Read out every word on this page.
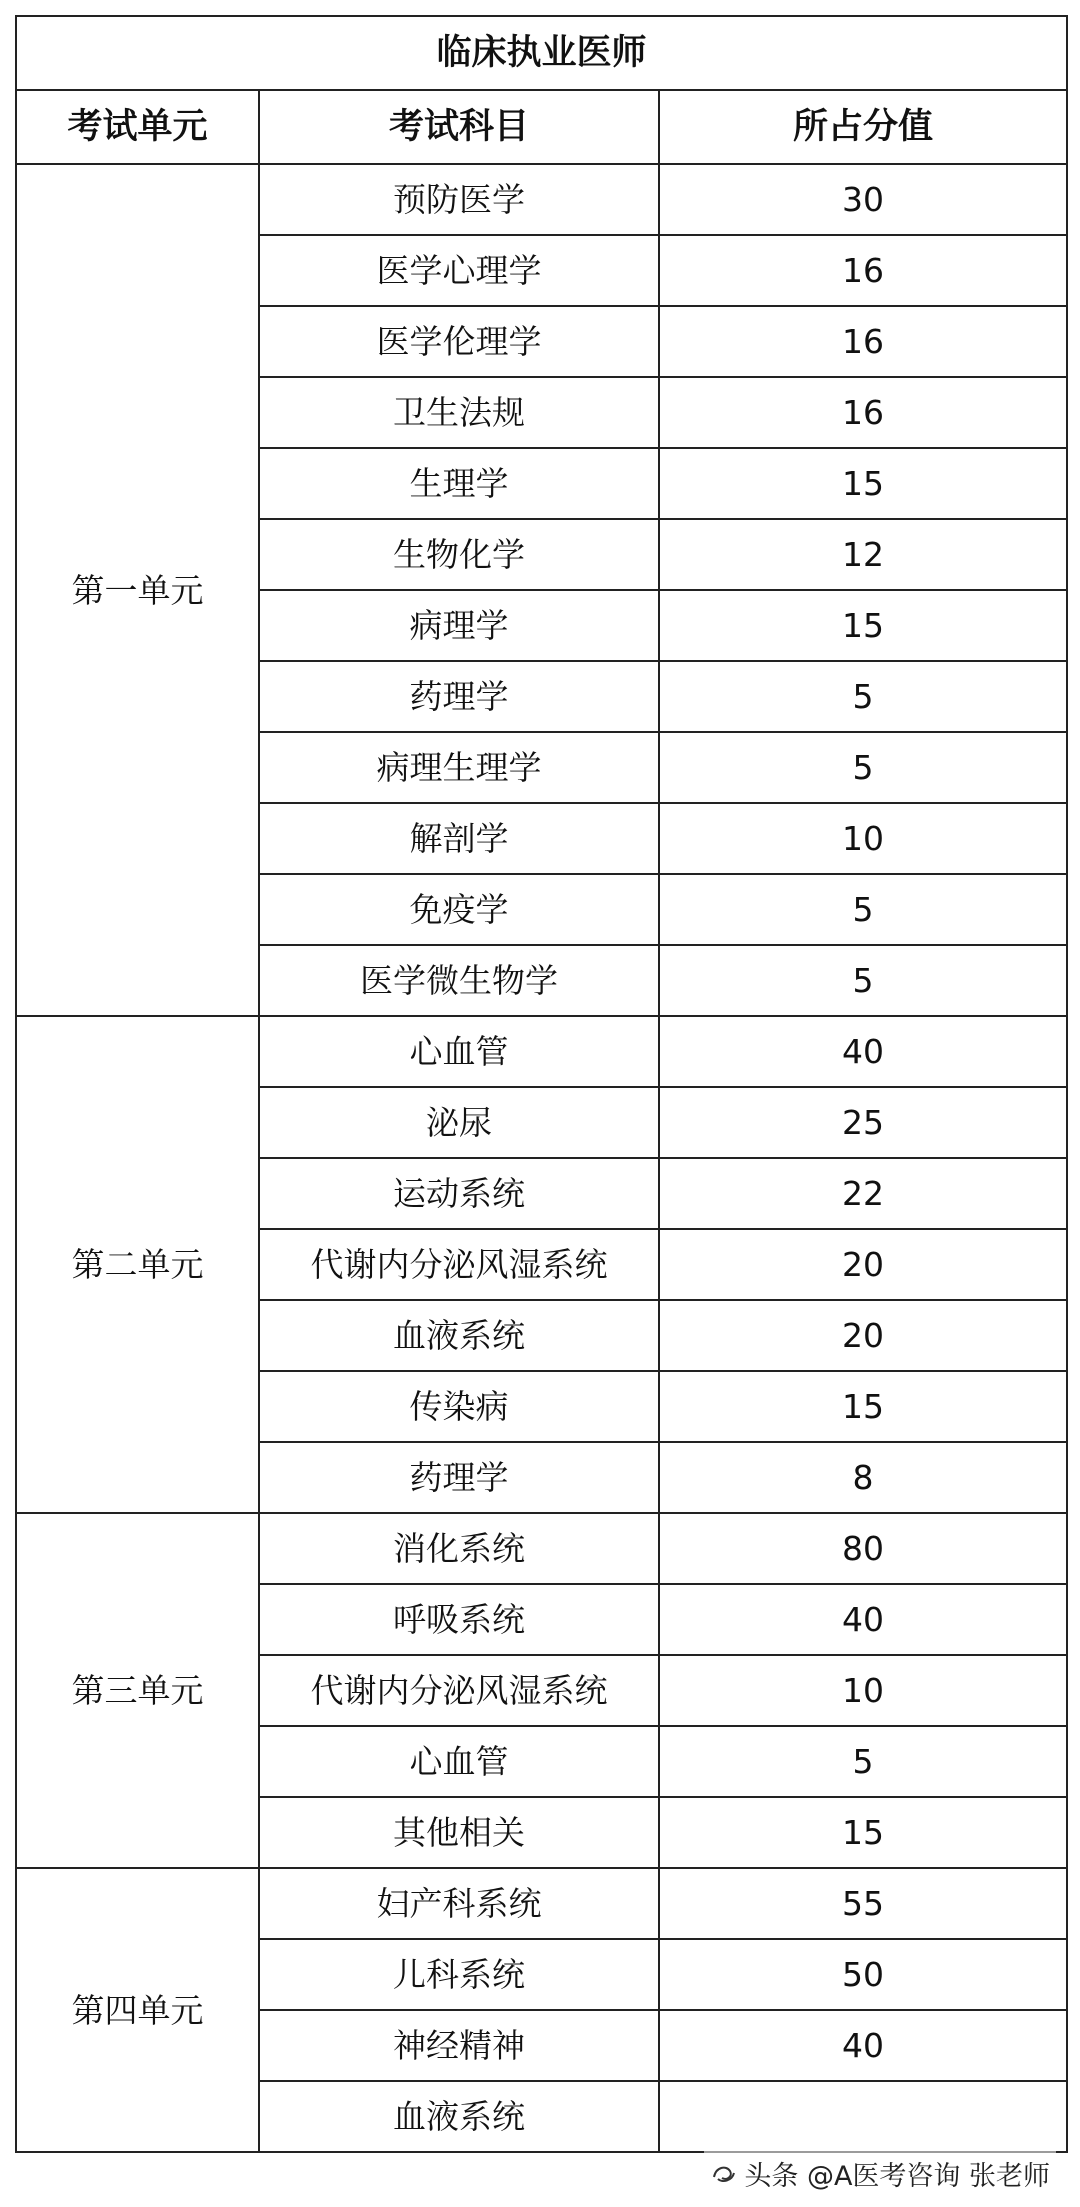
临床执业医师		
考试单元	考试科目	所占分值
第一单元	预防医学	30
	医学心理学	16
	医学伦理学	16
	卫生法规	16
	生理学	15
	生物化学	12
	病理学	15
	药理学	5
	病理生理学	5
	解剖学	10
	免疫学	5
	医学微生物学	5
第二单元	心血管	40
	泌尿	25
	运动系统	22
	代谢内分泌风湿系统	20
	血液系统	20
	传染病	15
	药理学	8
第三单元	消化系统	80
	呼吸系统	40
	代谢内分泌风湿系统	10
	心血管	5
	其他相关	15
第四单元	妇产科系统	55
	儿科系统	50
	神经精神	40
	血液系统	
头条 @A医考咨询 张老师
